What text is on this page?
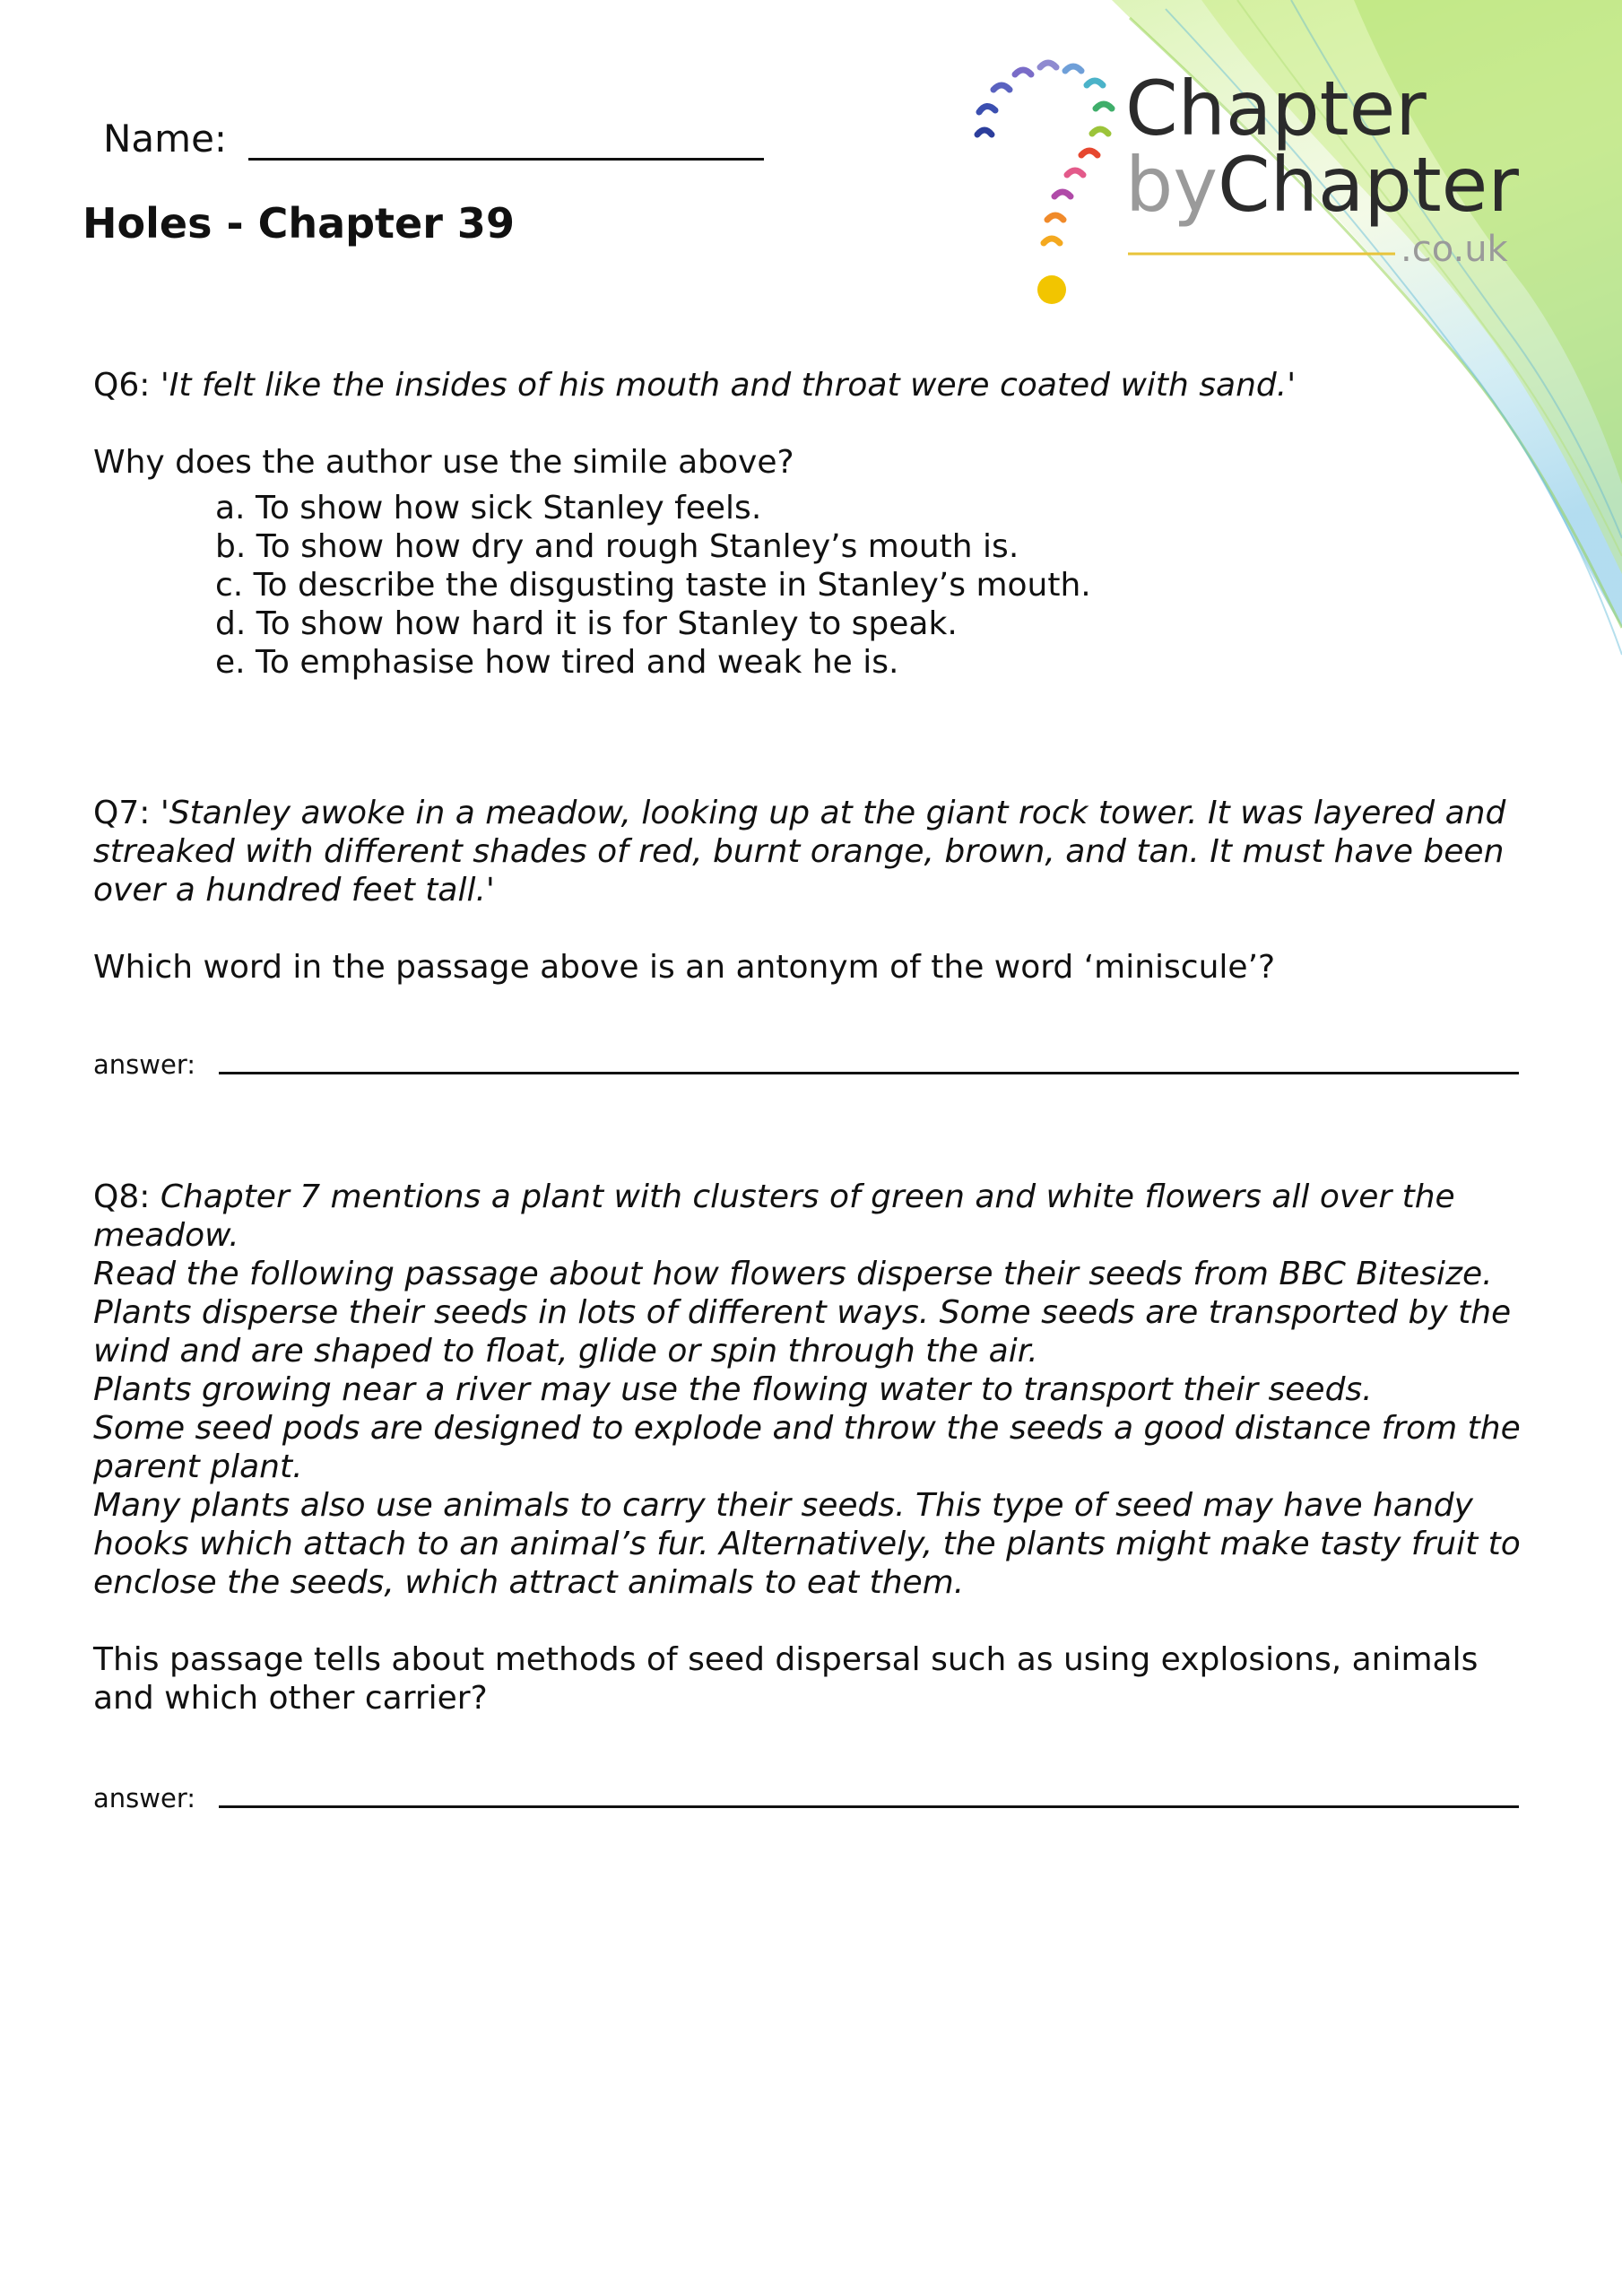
Chapter
byChapter
.co.uk
Name:
Holes - Chapter 39

Q6: 'It felt like the insides of his mouth and throat were coated with sand.'

Why does the author use the simile above?

a. To show how sick Stanley feels.
b. To show how dry and rough Stanley’s mouth is.
c. To describe the disgusting taste in Stanley’s mouth.
d. To show how hard it is for Stanley to speak.
e. To emphasise how tired and weak he is.

Q7: 'Stanley awoke in a meadow, looking up at the giant rock tower. It was layered and streaked with different shades of red, burnt orange, brown, and tan. It must have been over a hundred feet tall.'

Which word in the passage above is an antonym of the word ‘miniscule’?

answer:

Q8: Chapter 7 mentions a plant with clusters of green and white flowers all over the meadow.

Read the following passage about how flowers disperse their seeds from BBC Bitesize.

Plants disperse their seeds in lots of different ways. Some seeds are transported by the wind and are shaped to float, glide or spin through the air.

Plants growing near a river may use the flowing water to transport their seeds.

Some seed pods are designed to explode and throw the seeds a good distance from the parent plant.

Many plants also use animals to carry their seeds. This type of seed may have handy hooks which attach to an animal’s fur. Alternatively, the plants might make tasty fruit to enclose the seeds, which attract animals to eat them.

This passage tells about methods of seed dispersal such as using explosions, animals and which other carrier?

answer:
